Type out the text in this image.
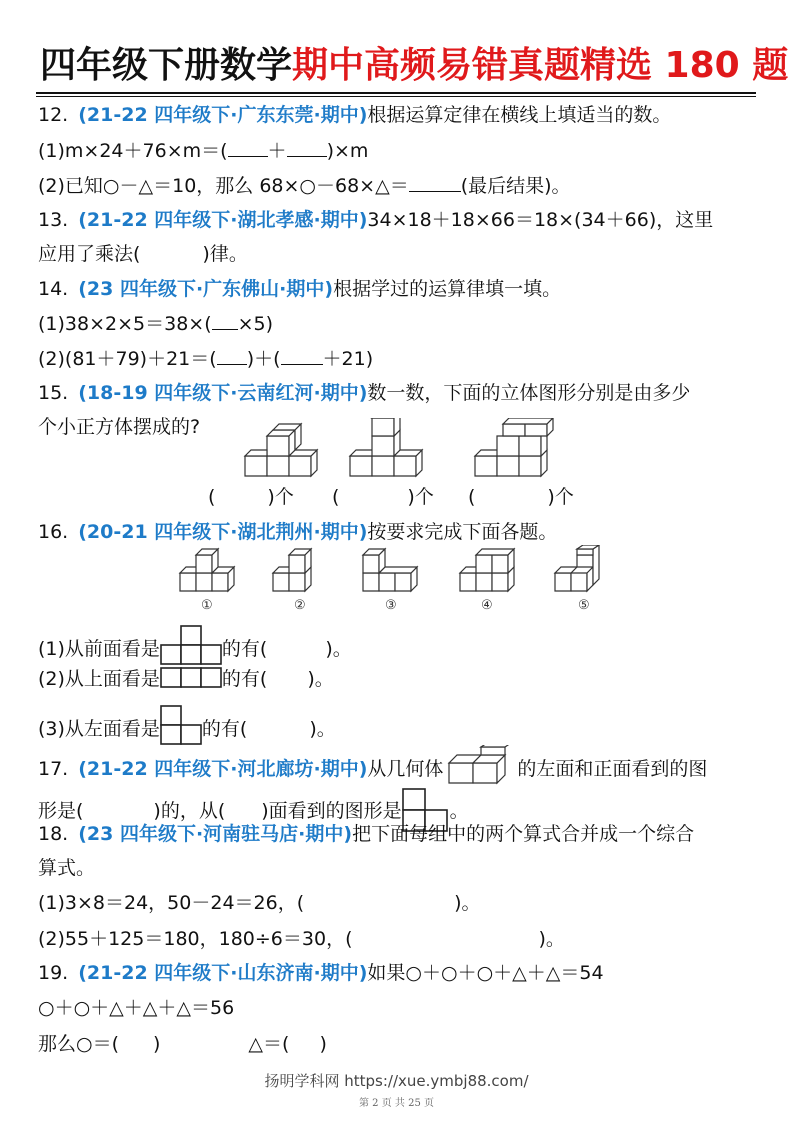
四年级下册数学期中高频易错真题精选 180 题
12. (21-22 四年级下·广东东莞·期中)根据运算定律在横线上填适当的数。
(1)m×24＋76×m＝( ＋ )×m
(2)已知○－△＝10，那么 68×○－68×△＝	(最后结果)。
13. (21-22 四年级下·湖北孝感·期中)34×18＋18×66＝18×(34＋66)，这里
应用了乘法(	)律。
14. (23 四年级下·广东佛山·期中)根据学过的运算律填一填。
(1)38×2×5＝38×( ×5)
(2)(81＋79)＋21＝( )＋( ＋21)
15. (18-19 四年级下·云南红河·期中)数一数，下面的立体图形分别是由多少
个小正方体摆成的?
(	)个 (	)个 (	)个
16. (20-21 四年级下·湖北荆州·期中)按要求完成下面各题。
①	②	③	④	⑤
(1)从前面看是	的有(	)。
(2)从上面看是	的有( )。
(3)从左面看是 的有(	)。
17. (21-22 四年级下·河北廊坊·期中)从几何体	的左面和正面看到的图
形是(	)的，从( )面看到的图形是	。
18. (23 四年级下·河南驻马店·期中)把下面每组中的两个算式合并成一个综合
算式。
(1)3×8＝24，50－24＝26，(	)。
(2)55＋125＝180，180÷6＝30，(	)。
19. (21-22 四年级下·山东济南·期中)如果○＋○＋○＋△＋△＝54
○＋○＋△＋△＋△＝56
那么○＝( )	△＝( )
扬明学科网 https://xue.ymbj88.com/
第 2 页 共 25 页
